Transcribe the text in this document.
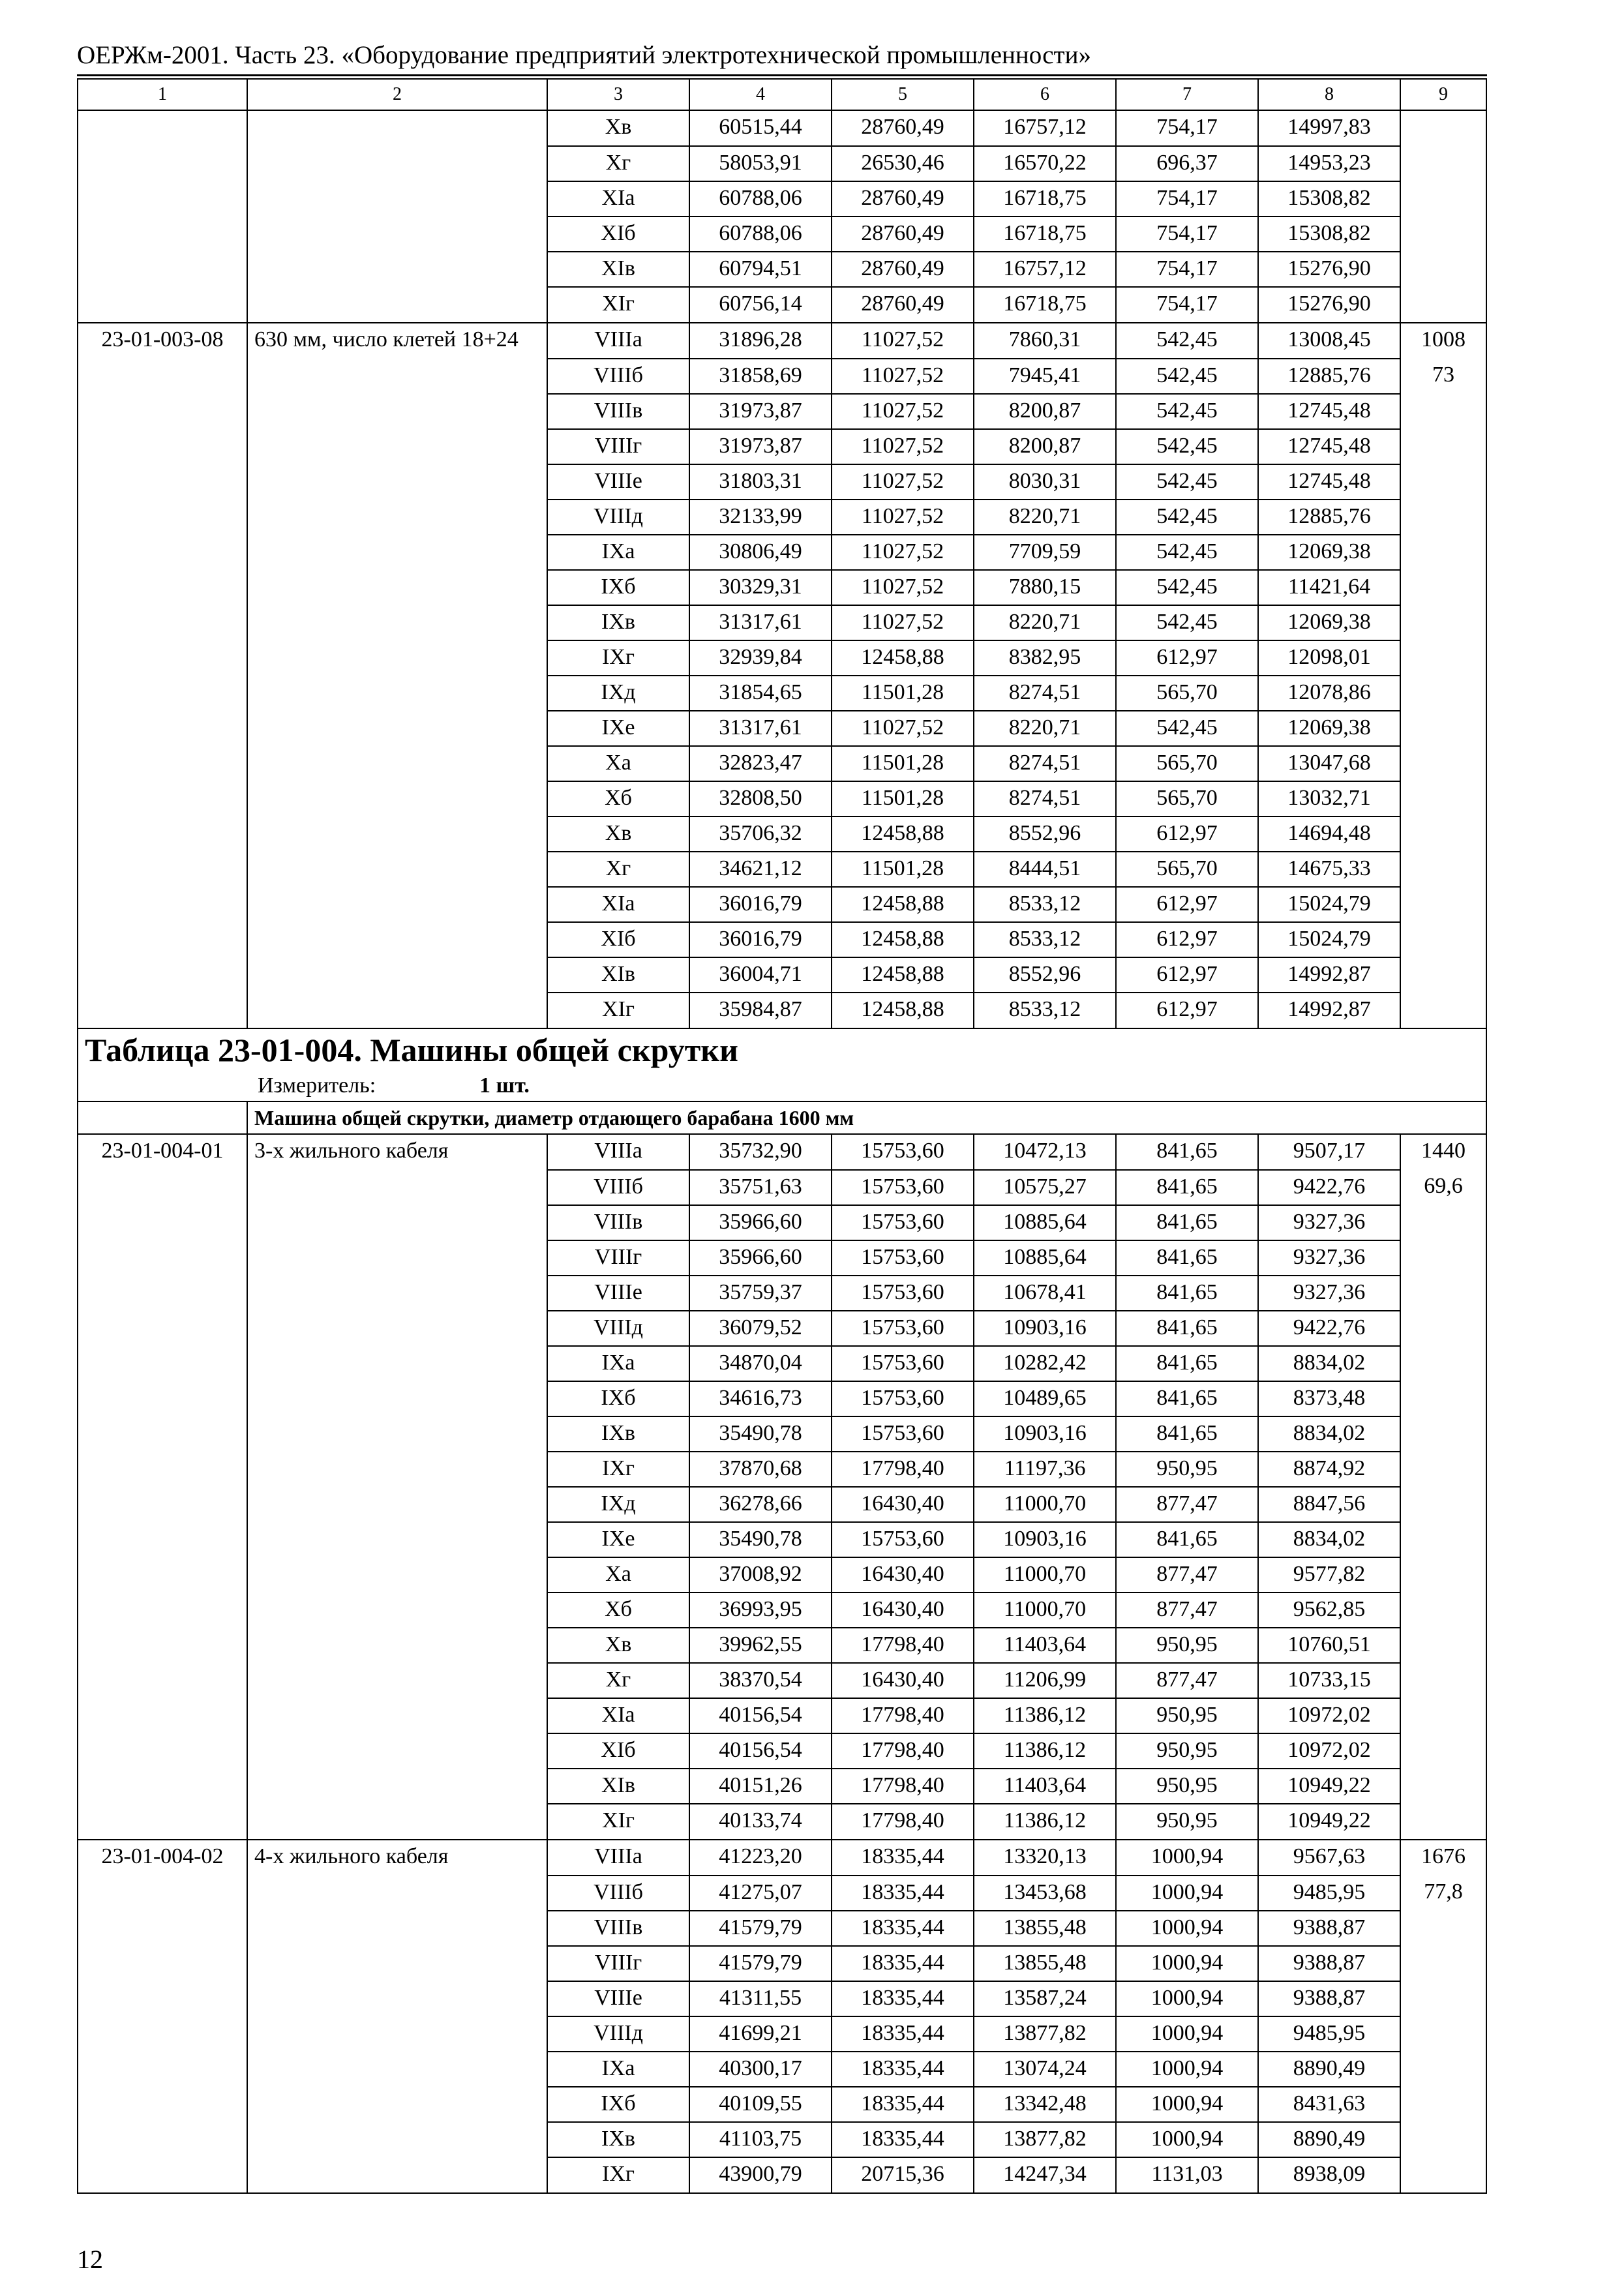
ОЕРЖм-2001. Часть 23. «Оборудование предприятий электротехнической промышленности»
1	2	3	4	5	6	7	8	9
		Хв	60515,44	28760,49	16757,12	754,17	14997,83	
		Хг	58053,91	26530,46	16570,22	696,37	14953,23	
		ХIа	60788,06	28760,49	16718,75	754,17	15308,82	
		ХIб	60788,06	28760,49	16718,75	754,17	15308,82	
		ХIв	60794,51	28760,49	16757,12	754,17	15276,90	
		ХIг	60756,14	28760,49	16718,75	754,17	15276,90	
23-01-003-08	630 мм, число клетей 18+24	VIIIа	31896,28	11027,52	7860,31	542,45	13008,45	1008
		VIIIб	31858,69	11027,52	7945,41	542,45	12885,76	73
		VIIIв	31973,87	11027,52	8200,87	542,45	12745,48	
		VIIIг	31973,87	11027,52	8200,87	542,45	12745,48	
		VIIIе	31803,31	11027,52	8030,31	542,45	12745,48	
		VIIIд	32133,99	11027,52	8220,71	542,45	12885,76	
		IХа	30806,49	11027,52	7709,59	542,45	12069,38	
		IХб	30329,31	11027,52	7880,15	542,45	11421,64	
		IХв	31317,61	11027,52	8220,71	542,45	12069,38	
		IХг	32939,84	12458,88	8382,95	612,97	12098,01	
		IХд	31854,65	11501,28	8274,51	565,70	12078,86	
		IХе	31317,61	11027,52	8220,71	542,45	12069,38	
		Ха	32823,47	11501,28	8274,51	565,70	13047,68	
		Хб	32808,50	11501,28	8274,51	565,70	13032,71	
		Хв	35706,32	12458,88	8552,96	612,97	14694,48	
		Хг	34621,12	11501,28	8444,51	565,70	14675,33	
		ХIа	36016,79	12458,88	8533,12	612,97	15024,79	
		ХIб	36016,79	12458,88	8533,12	612,97	15024,79	
		ХIв	36004,71	12458,88	8552,96	612,97	14992,87	
		ХIг	35984,87	12458,88	8533,12	612,97	14992,87	
Таблица 23-01-004. Машины общей скрутки								
Измеритель: 1 шт.								
	Машина общей скрутки, диаметр отдающего барабана 1600 мм							
23-01-004-01	3-х жильного кабеля	VIIIа	35732,90	15753,60	10472,13	841,65	9507,17	1440
		VIIIб	35751,63	15753,60	10575,27	841,65	9422,76	69,6
		VIIIв	35966,60	15753,60	10885,64	841,65	9327,36	
		VIIIг	35966,60	15753,60	10885,64	841,65	9327,36	
		VIIIе	35759,37	15753,60	10678,41	841,65	9327,36	
		VIIIд	36079,52	15753,60	10903,16	841,65	9422,76	
		IХа	34870,04	15753,60	10282,42	841,65	8834,02	
		IХб	34616,73	15753,60	10489,65	841,65	8373,48	
		IХв	35490,78	15753,60	10903,16	841,65	8834,02	
		IХг	37870,68	17798,40	11197,36	950,95	8874,92	
		IХд	36278,66	16430,40	11000,70	877,47	8847,56	
		IХе	35490,78	15753,60	10903,16	841,65	8834,02	
		Ха	37008,92	16430,40	11000,70	877,47	9577,82	
		Хб	36993,95	16430,40	11000,70	877,47	9562,85	
		Хв	39962,55	17798,40	11403,64	950,95	10760,51	
		Хг	38370,54	16430,40	11206,99	877,47	10733,15	
		ХIа	40156,54	17798,40	11386,12	950,95	10972,02	
		ХIб	40156,54	17798,40	11386,12	950,95	10972,02	
		ХIв	40151,26	17798,40	11403,64	950,95	10949,22	
		ХIг	40133,74	17798,40	11386,12	950,95	10949,22	
23-01-004-02	4-х жильного кабеля	VIIIа	41223,20	18335,44	13320,13	1000,94	9567,63	1676
		VIIIб	41275,07	18335,44	13453,68	1000,94	9485,95	77,8
		VIIIв	41579,79	18335,44	13855,48	1000,94	9388,87	
		VIIIг	41579,79	18335,44	13855,48	1000,94	9388,87	
		VIIIе	41311,55	18335,44	13587,24	1000,94	9388,87	
		VIIIд	41699,21	18335,44	13877,82	1000,94	9485,95	
		IХа	40300,17	18335,44	13074,24	1000,94	8890,49	
		IХб	40109,55	18335,44	13342,48	1000,94	8431,63	
		IХв	41103,75	18335,44	13877,82	1000,94	8890,49	
		IХг	43900,79	20715,36	14247,34	1131,03	8938,09	
12
